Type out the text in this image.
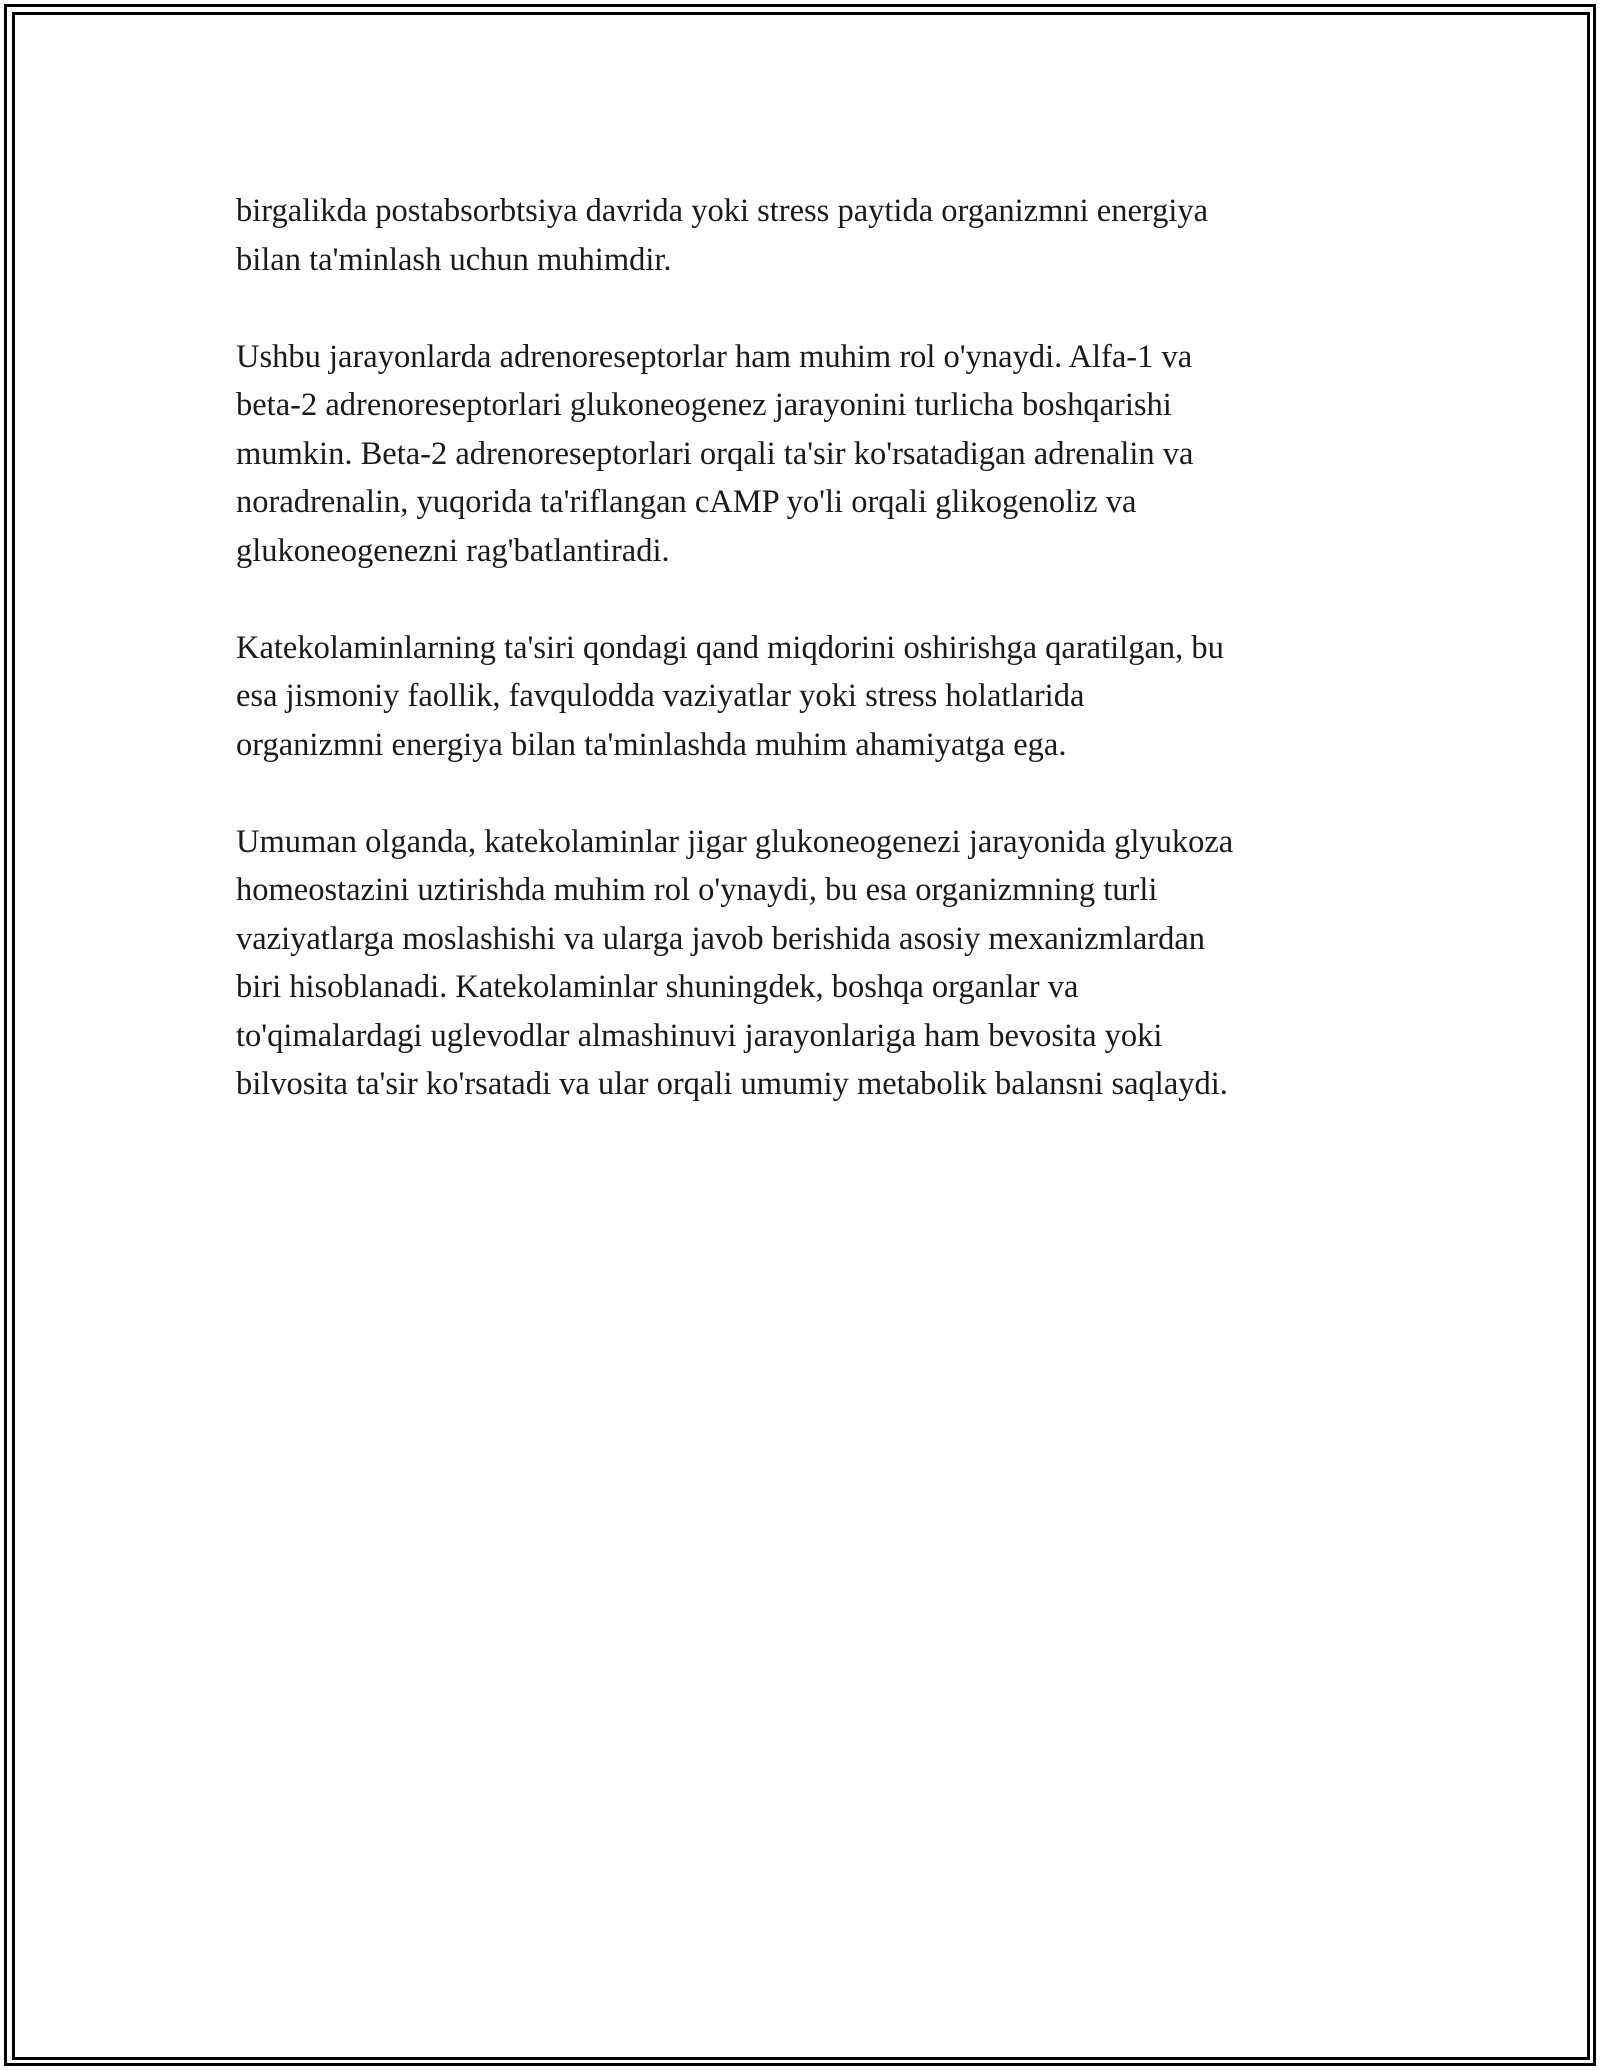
birgalikda postabsorbtsiya davrida yoki stress paytida organizmni energiya
bilan ta'minlash uchun muhimdir.

Ushbu jarayonlarda adrenoreseptorlar ham muhim rol o'ynaydi. Alfa-1 va
beta-2 adrenoreseptorlari glukoneogenez jarayonini turlicha boshqarishi
mumkin. Beta-2 adrenoreseptorlari orqali ta'sir ko'rsatadigan adrenalin va
noradrenalin, yuqorida ta'riflangan cAMP yo'li orqali glikogenoliz va
glukoneogenezni rag'batlantiradi.

Katekolaminlarning ta'siri qondagi qand miqdorini oshirishga qaratilgan, bu
esa jismoniy faollik, favqulodda vaziyatlar yoki stress holatlarida
organizmni energiya bilan ta'minlashda muhim ahamiyatga ega.

Umuman olganda, katekolaminlar jigar glukoneogenezi jarayonida glyukoza
homeostazini uztirishda muhim rol o'ynaydi, bu esa organizmning turli
vaziyatlarga moslashishi va ularga javob berishida asosiy mexanizmlardan
biri hisoblanadi. Katekolaminlar shuningdek, boshqa organlar va
to'qimalardagi uglevodlar almashinuvi jarayonlariga ham bevosita yoki
bilvosita ta'sir ko'rsatadi va ular orqali umumiy metabolik balansni saqlaydi.
